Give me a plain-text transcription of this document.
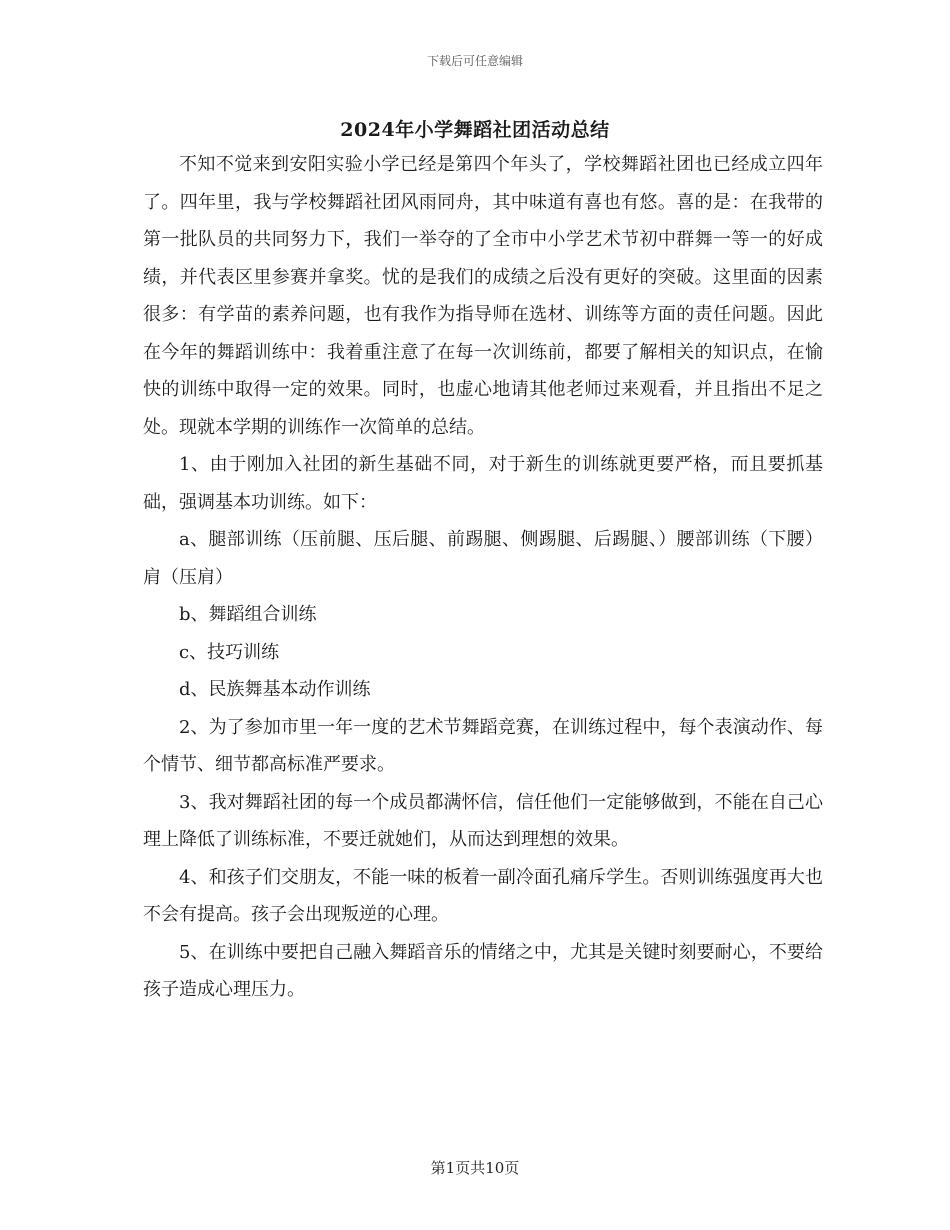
下载后可任意编辑
2024年小学舞蹈社团活动总结

不知不觉来到安阳实验小学已经是第四个年头了，学校舞蹈社团也已经成立四年了。四年里，我与学校舞蹈社团风雨同舟，其中味道有喜也有悠。喜的是：在我带的第一批队员的共同努力下，我们一举夺的了全市中小学艺术节初中群舞一等一的好成绩，并代表区里参赛并拿奖。忧的是我们的成绩之后没有更好的突破。这里面的因素很多：有学苗的素养问题，也有我作为指导师在选材、训练等方面的责任问题。因此在今年的舞蹈训练中：我着重注意了在每一次训练前，都要了解相关的知识点，在愉快的训练中取得一定的效果。同时，也虚心地请其他老师过来观看，并且指出不足之处。现就本学期的训练作一次简单的总结。

1、由于刚加入社团的新生基础不同，对于新生的训练就更要严格，而且要抓基础，强调基本功训练。如下：

a、腿部训练（压前腿、压后腿、前踢腿、侧踢腿、后踢腿、）腰部训练（下腰）肩（压肩）

b、舞蹈组合训练

c、技巧训练

d、民族舞基本动作训练

2、为了参加市里一年一度的艺术节舞蹈竞赛，在训练过程中，每个表演动作、每个情节、细节都高标准严要求。

3、我对舞蹈社团的每一个成员都满怀信，信任他们一定能够做到，不能在自己心理上降低了训练标准，不要迁就她们，从而达到理想的效果。

4、和孩子们交朋友，不能一味的板着一副冷面孔痛斥学生。否则训练强度再大也不会有提高。孩子会出现叛逆的心理。

5、在训练中要把自己融入舞蹈音乐的情绪之中，尤其是关键时刻要耐心，不要给孩子造成心理压力。

第1页共10页
